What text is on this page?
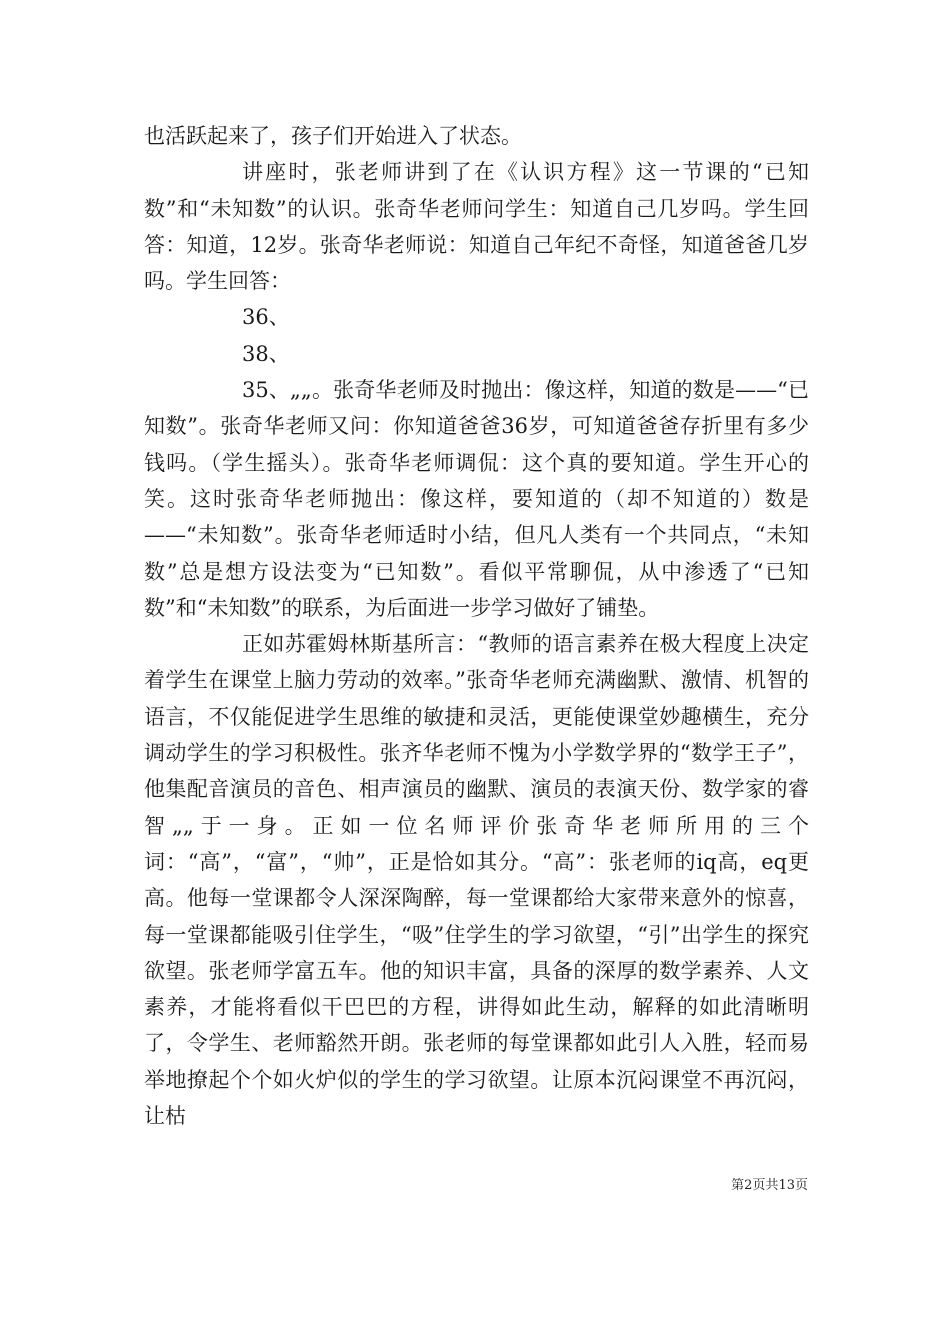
也活跃起来了，孩子们开始进入了状态。

讲座时，张老师讲到了在《认识方程》这一节课的“已知数”和“未知数”的认识。张奇华老师问学生：知道自己几岁吗。学生回答：知道，12岁。张奇华老师说：知道自己年纪不奇怪，知道爸爸几岁吗。学生回答：

36、

38、

35、„„。张奇华老师及时抛出：像这样，知道的数是——“已知数”。张奇华老师又问：你知道爸爸36岁，可知道爸爸存折里有多少钱吗。（学生摇头）。张奇华老师调侃：这个真的要知道。学生开心的笑。这时张奇华老师抛出：像这样，要知道的（却不知道的）数是——“未知数”。张奇华老师适时小结，但凡人类有一个共同点，“未知数”总是想方设法变为“已知数”。看似平常聊侃，从中渗透了“已知数”和“未知数”的联系，为后面进一步学习做好了铺垫。

正如苏霍姆林斯基所言：“教师的语言素养在极大程度上决定着学生在课堂上脑力劳动的效率。”张奇华老师充满幽默、激情、机智的语言，不仅能促进学生思维的敏捷和灵活，更能使课堂妙趣横生，充分调动学生的学习积极性。张齐华老师不愧为小学数学界的“数学王子”，他集配音演员的音色、相声演员的幽默、演员的表演天份、数学家的睿智„„于一身。正如一位名师评价张奇华老师所用的三个词：“高”，“富”，“帅”，正是恰如其分。“高”：张老师的iq高，eq更高。他每一堂课都令人深深陶醉，每一堂课都给大家带来意外的惊喜，每一堂课都能吸引住学生，“吸”住学生的学习欲望，“引”出学生的探究欲望。张老师学富五车。他的知识丰富，具备的深厚的数学素养、人文素养，才能将看似干巴巴的方程，讲得如此生动，解释的如此清晰明了，令学生、老师豁然开朗。张老师的每堂课都如此引人入胜，轻而易举地撩起个个如火炉似的学生的学习欲望。让原本沉闷课堂不再沉闷，让枯

第2页共13页
